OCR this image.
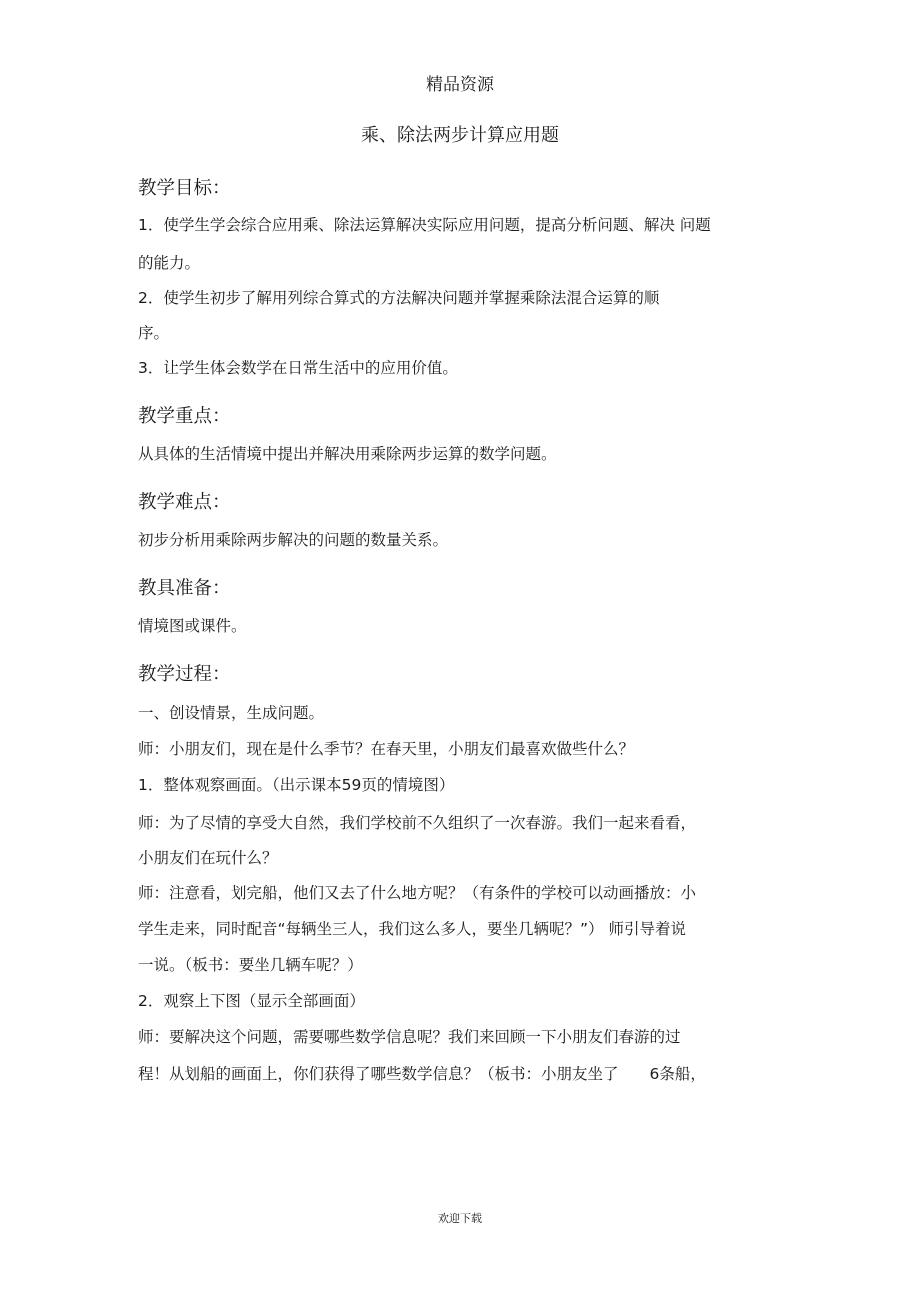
精品资源

乘、除法两步计算应用题

教学目标：

1．使学生学会综合应用乘、除法运算解决实际应用问题，提高分析问题、解决 问题

的能力。

2．使学生初步了解用列综合算式的方法解决问题并掌握乘除法混合运算的顺

序。

3．让学生体会数学在日常生活中的应用价值。

教学重点：

从具体的生活情境中提出并解决用乘除两步运算的数学问题。

教学难点：

初步分析用乘除两步解决的问题的数量关系。

教具准备：

情境图或课件。

教学过程：

一、创设情景，生成问题。

师：小朋友们，现在是什么季节？在春天里，小朋友们最喜欢做些什么？

1．整体观察画面。（出示课本59页的情境图）

师：为了尽情的享受大自然，我们学校前不久组织了一次春游。我们一起来看看，

小朋友们在玩什么？

师：注意看，划完船，他们又去了什么地方呢？（有条件的学校可以动画播放：小

学生走来，同时配音“每辆坐三人，我们这么多人，要坐几辆呢？”） 师引导着说

一说。（板书：要坐几辆车呢？）

2．观察上下图（显示全部画面）

师：要解决这个问题，需要哪些数学信息呢？我们来回顾一下小朋友们春游的过

程！从划船的画面上，你们获得了哪些数学信息？（板书：小朋友坐了　　6条船，

欢迎下载
